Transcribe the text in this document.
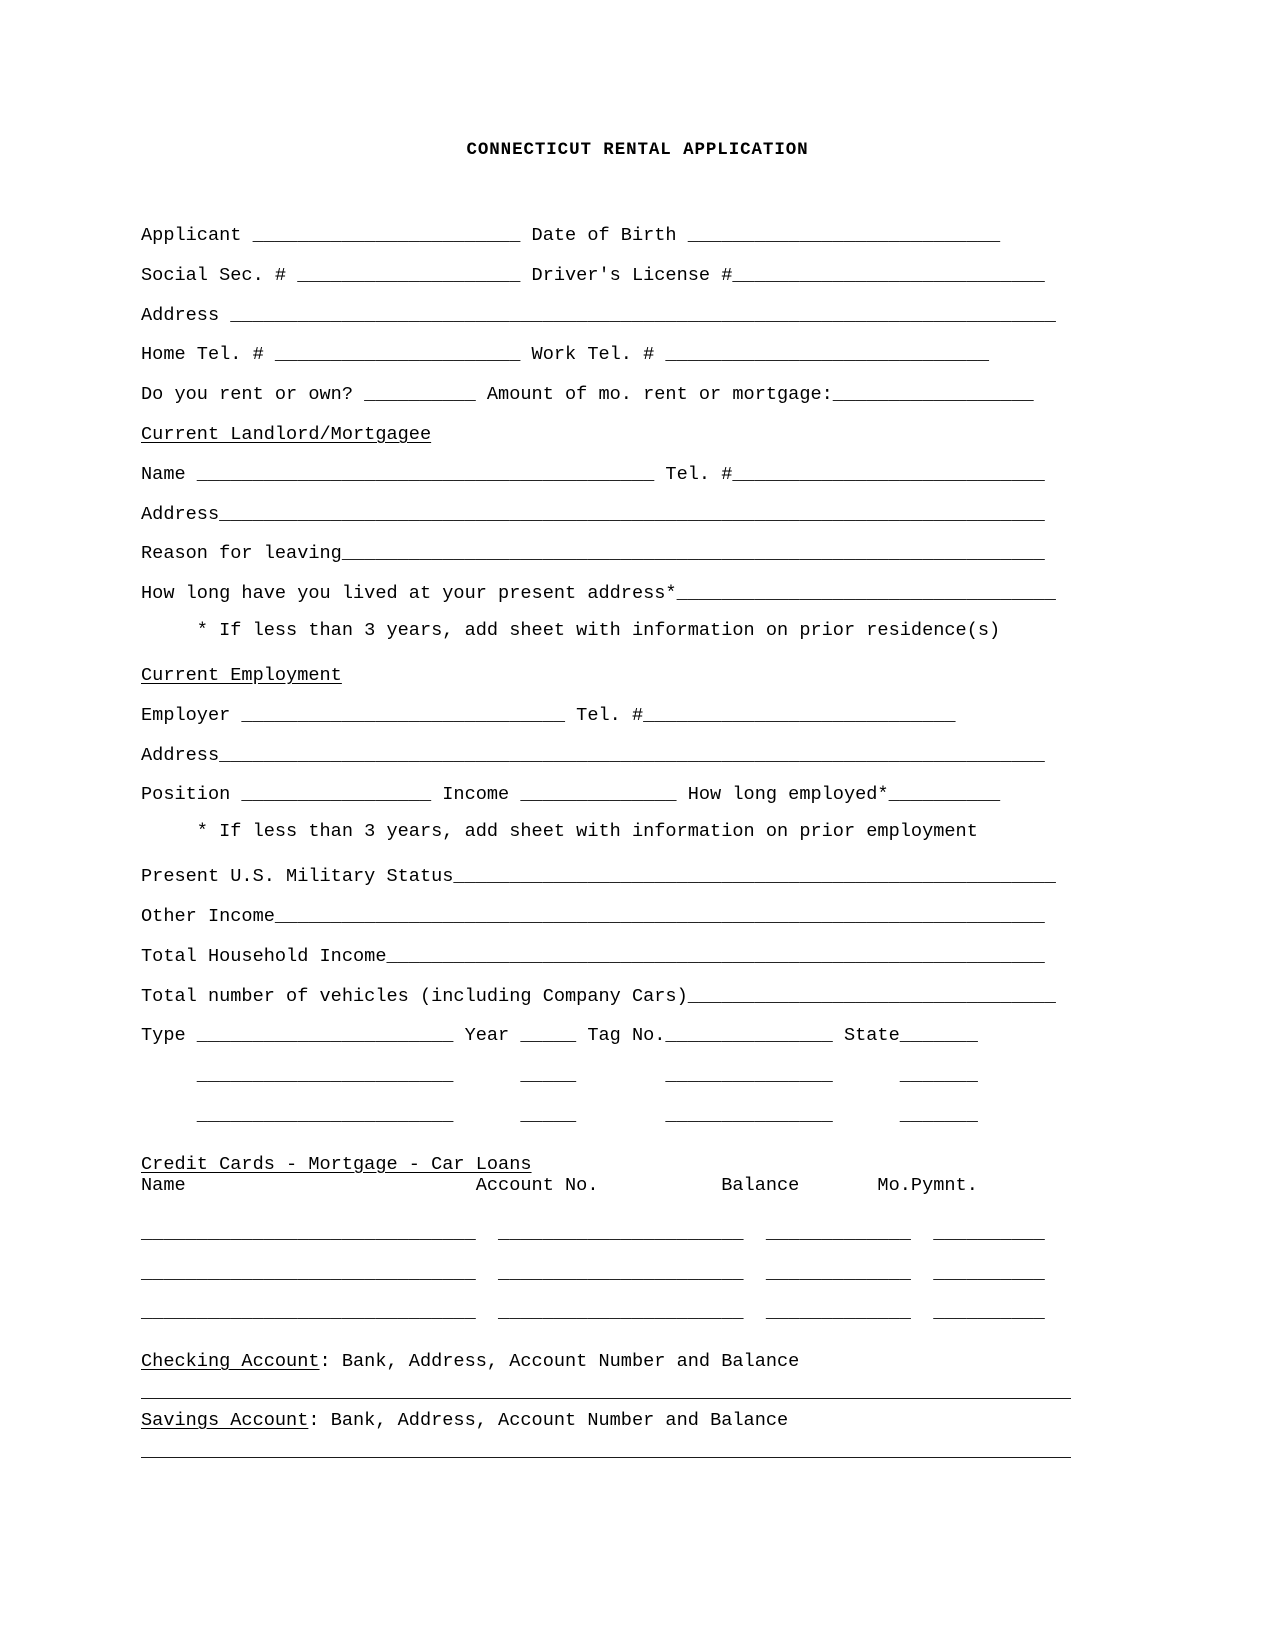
CONNECTICUT RENTAL APPLICATION
Applicant ________________________ Date of Birth ____________________________
Social Sec. # ____________________ Driver's License #____________________________
Address __________________________________________________________________________
Home Tel. # ______________________ Work Tel. # _____________________________
Do you rent or own? __________ Amount of mo. rent or mortgage:__________________
Current Landlord/Mortgagee
Name _________________________________________ Tel. #____________________________
Address__________________________________________________________________________
Reason for leaving_______________________________________________________________
How long have you lived at your present address*__________________________________
* If less than 3 years, add sheet with information on prior residence(s)
Current Employment
Employer _____________________________ Tel. #____________________________
Address__________________________________________________________________________
Position _________________ Income ______________ How long employed*__________
* If less than 3 years, add sheet with information on prior employment
Present U.S. Military Status______________________________________________________
Other Income_____________________________________________________________________
Total Household Income___________________________________________________________
Total number of vehicles (including Company Cars)_________________________________
Type _______________________ Year _____ Tag No._______________ State_______
_______________________      _____        _______________      _______
_______________________      _____        _______________      _______
Credit Cards - Mortgage - Car Loans
Name                          Account No.           Balance       Mo.Pymnt.
______________________________  ______________________  _____________  __________
______________________________  ______________________  _____________  __________
______________________________  ______________________  _____________  __________
Checking Account: Bank, Address, Account Number and Balance
Savings Account: Bank, Address, Account Number and Balance
